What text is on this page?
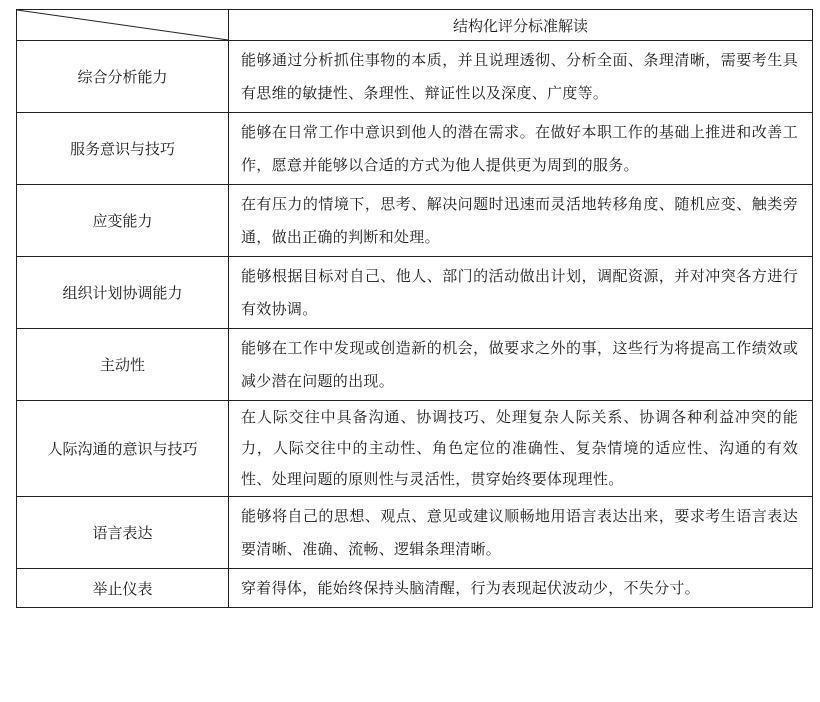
	结构化评分标准解读
综合分析能力	能够通过分析抓住事物的本质，并且说理透彻、分析全面、条理清晰，需要考生具有思维的敏捷性、条理性、辩证性以及深度、广度等。
服务意识与技巧	能够在日常工作中意识到他人的潜在需求。在做好本职工作的基础上推进和改善工作，愿意并能够以合适的方式为他人提供更为周到的服务。
应变能力	在有压力的情境下，思考、解决问题时迅速而灵活地转移角度、随机应变、触类旁通，做出正确的判断和处理。
组织计划协调能力	能够根据目标对自己、他人、部门的活动做出计划，调配资源，并对冲突各方进行有效协调。
主动性	能够在工作中发现或创造新的机会，做要求之外的事，这些行为将提高工作绩效或减少潜在问题的出现。
人际沟通的意识与技巧	在人际交往中具备沟通、协调技巧、处理复杂人际关系、协调各种利益冲突的能力，人际交往中的主动性、角色定位的准确性、复杂情境的适应性、沟通的有效性、处理问题的原则性与灵活性，贯穿始终要体现理性。
语言表达	能够将自己的思想、观点、意见或建议顺畅地用语言表达出来，要求考生语言表达要清晰、准确、流畅、逻辑条理清晰。
举止仪表	穿着得体，能始终保持头脑清醒，行为表现起伏波动少，不失分寸。
